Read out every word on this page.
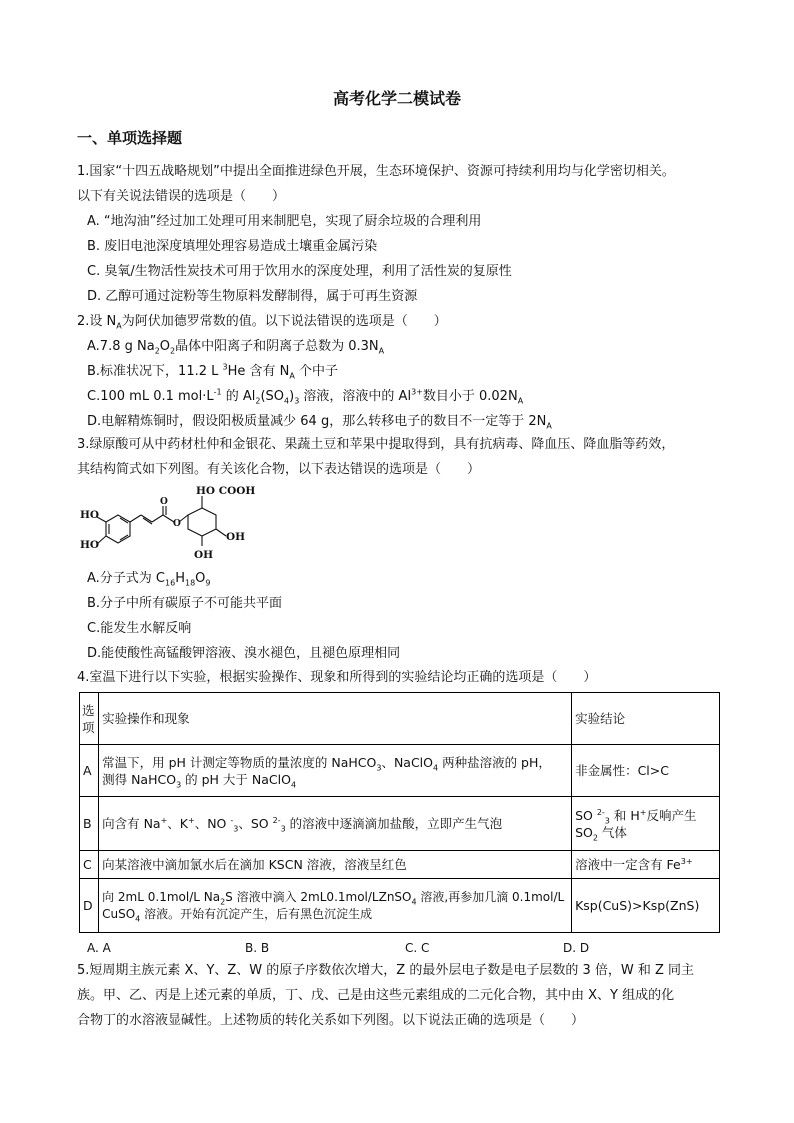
高考化学二模试卷
一、单项选择题
1.国家“十四五战略规划”中提出全面推进绿色开展，生态环境保护、资源可持续利用均与化学密切相关。
以下有关说法错误的选项是（　　）
A. “地沟油”经过加工处理可用来制肥皂，实现了厨余垃圾的合理利用
B. 废旧电池深度填埋处理容易造成土壤重金属污染
C. 臭氧/生物活性炭技术可用于饮用水的深度处理，利用了活性炭的复原性
D. 乙醇可通过淀粉等生物原料发酵制得，属于可再生资源
2.设 $N_A$为阿伏加德罗常数的值。以下说法错误的选项是（　　）
A.7.8 g $Na_2O_2$晶体中阳离子和阴离子总数为 $0.3N_A$
B.标准状况下，11.2 L $^3$He 含有 $N_A$ 个中子
C.100 mL 0.1 $mol\cdot L^{-1}$ 的 $Al_2(SO_4)_3$ 溶液，溶液中的 $Al^{3+}$数目小于 $0.02N_A$
D.电解精炼铜时，假设阳极质量减少 64 g，那么转移电子的数目不一定等于 $2N_A$
3.绿原酸可从中药材杜仲和金银花、果蔬土豆和苹果中提取得到，具有抗病毒、降血压、降血脂等药效，
其结构简式如下列图。有关该化合物，以下表达错误的选项是（　　）
HO
HO
O
O
HO COOH
OH
OH
A.分子式为 $C_{16}H_{18}O_9$
B.分子中所有碳原子不可能共平面
C.能发生水解反响
D.能使酸性高锰酸钾溶液、溴水褪色，且褪色原理相同
4.室温下进行以下实验，根据实验操作、现象和所得到的实验结论均正确的选项是（　　）
选项	实验操作和现象	实验结论
A	常温下，用 pH 计测定等物质的量浓度的 NaHCO$_3$、NaClO$_4$ 两种盐溶液的 pH，
测得 NaHCO$_3$ 的 pH 大于 NaClO$_4$	非金属性：Cl>C
B	向含有 Na+、K+、NO -$_3$、SO $^{2-}_3$ 的溶液中逐滴滴加盐酸，立即产生气泡	SO $^{2-}_3$ 和 H+反响产生
$SO_2$ 气体
C	向某溶液中滴加氯水后在滴加 KSCN 溶液，溶液呈红色	溶液中一定含有 $Fe^{3+}$
D	向 2mL 0.1mol/L $Na_2S$ 溶液中滴入 2mL0.1mol/LZnSO$_4$ 溶液,再参加几滴 0.1mol/L
CuSO$_4$ 溶液。开始有沉淀产生，后有黑色沉淀生成	Ksp(CuS)>Ksp(ZnS)
A. A	B. B	C. C	D. D
5.短周期主族元素 X、Y、Z、W 的原子序数依次增大，Z 的最外层电子数是电子层数的 3 倍，W 和 Z 同主
族。甲、乙、丙是上述元素的单质，丁、戊、己是由这些元素组成的二元化合物，其中由 X、Y 组成的化
合物丁的水溶液显碱性。上述物质的转化关系如下列图。以下说法正确的选项是（　　）
